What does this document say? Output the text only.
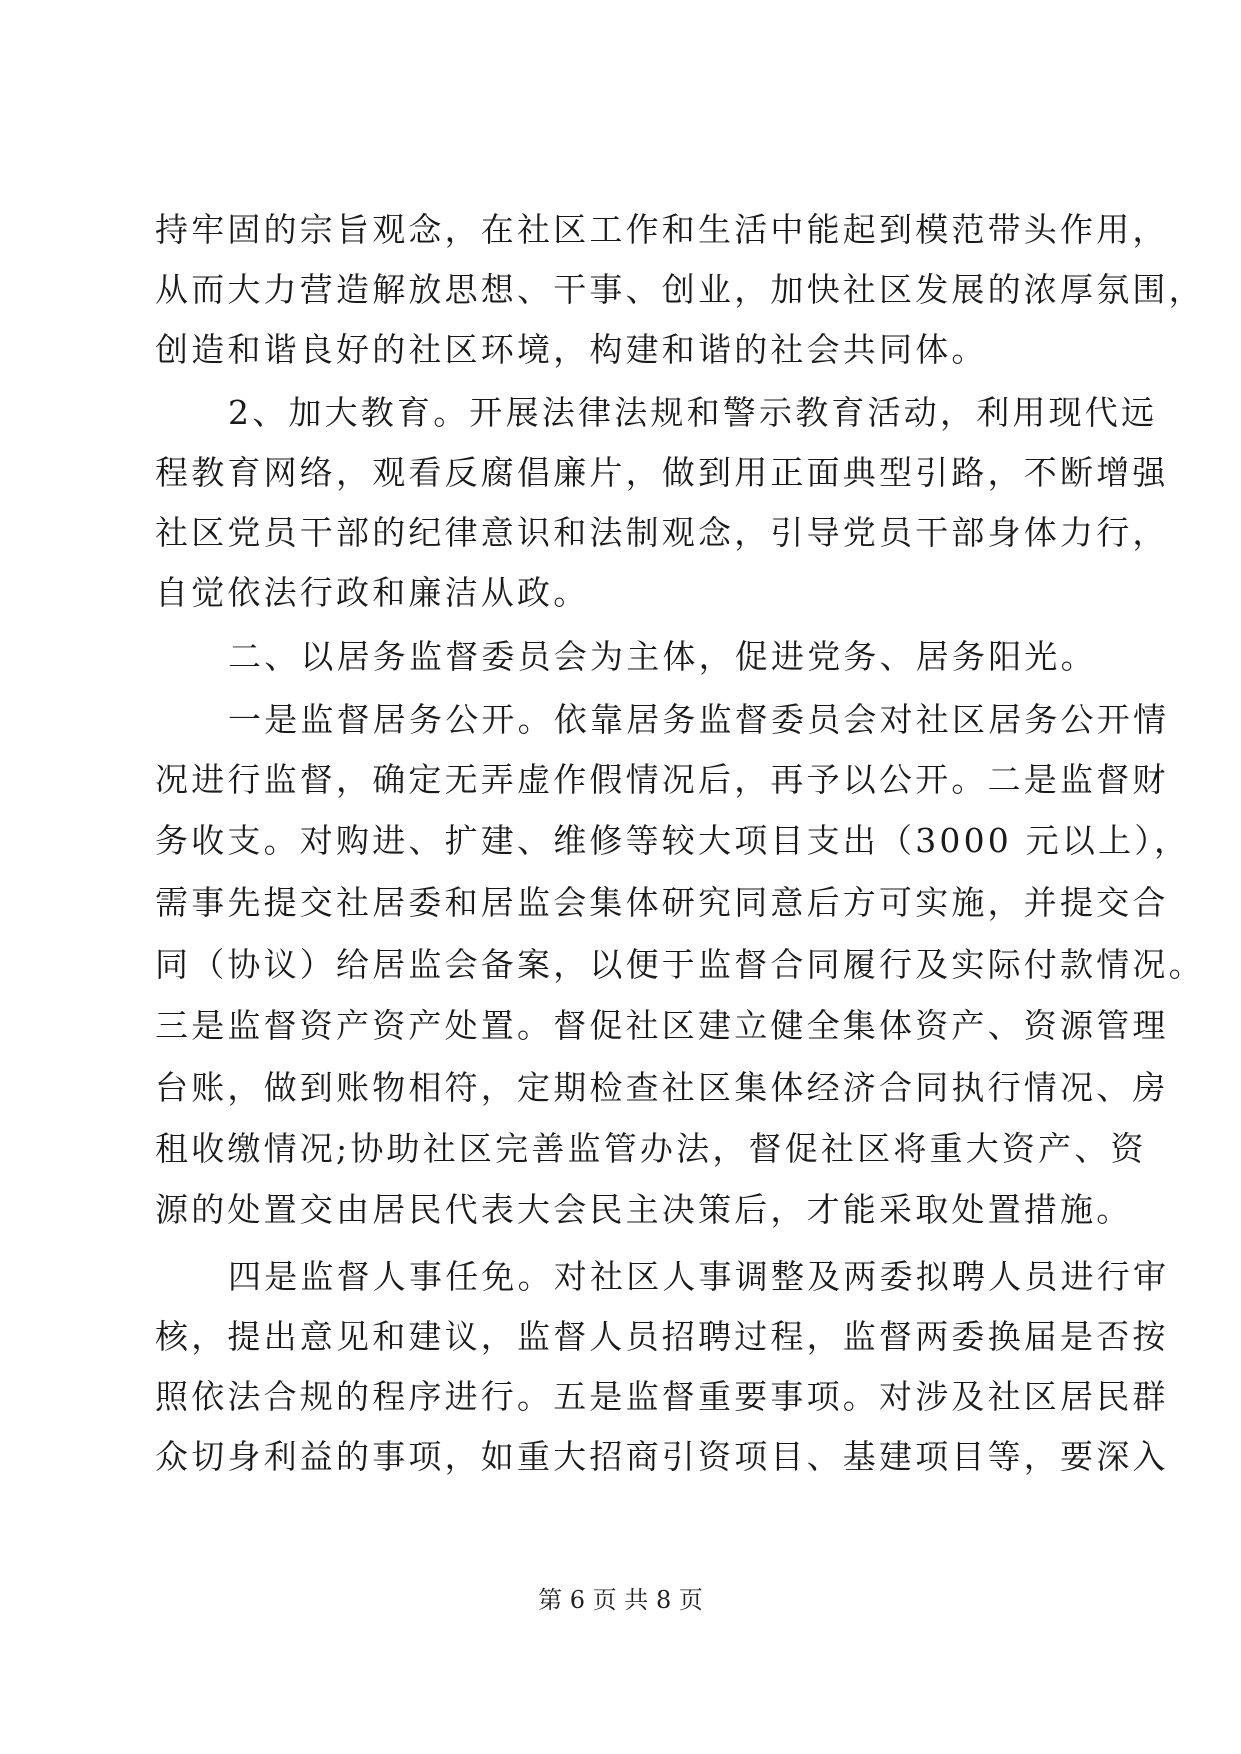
持牢固的宗旨观念，在社区工作和生活中能起到模范带头作用，
从而大力营造解放思想、干事、创业，加快社区发展的浓厚氛围，
创造和谐良好的社区环境，构建和谐的社会共同体。
2、加大教育。开展法律法规和警示教育活动，利用现代远
程教育网络，观看反腐倡廉片，做到用正面典型引路，不断增强
社区党员干部的纪律意识和法制观念，引导党员干部身体力行，
自觉依法行政和廉洁从政。
二、以居务监督委员会为主体，促进党务、居务阳光。
一是监督居务公开。依靠居务监督委员会对社区居务公开情
况进行监督，确定无弄虚作假情况后，再予以公开。二是监督财
务收支。对购进、扩建、维修等较大项目支出（3000 元以上），
需事先提交社居委和居监会集体研究同意后方可实施，并提交合
同（协议）给居监会备案，以便于监督合同履行及实际付款情况。
三是监督资产资产处置。督促社区建立健全集体资产、资源管理
台账，做到账物相符，定期检查社区集体经济合同执行情况、房
租收缴情况;协助社区完善监管办法，督促社区将重大资产、资
源的处置交由居民代表大会民主决策后，才能采取处置措施。
四是监督人事任免。对社区人事调整及两委拟聘人员进行审
核，提出意见和建议，监督人员招聘过程，监督两委换届是否按
照依法合规的程序进行。五是监督重要事项。对涉及社区居民群
众切身利益的事项，如重大招商引资项目、基建项目等，要深入
第 6 页 共 8 页
